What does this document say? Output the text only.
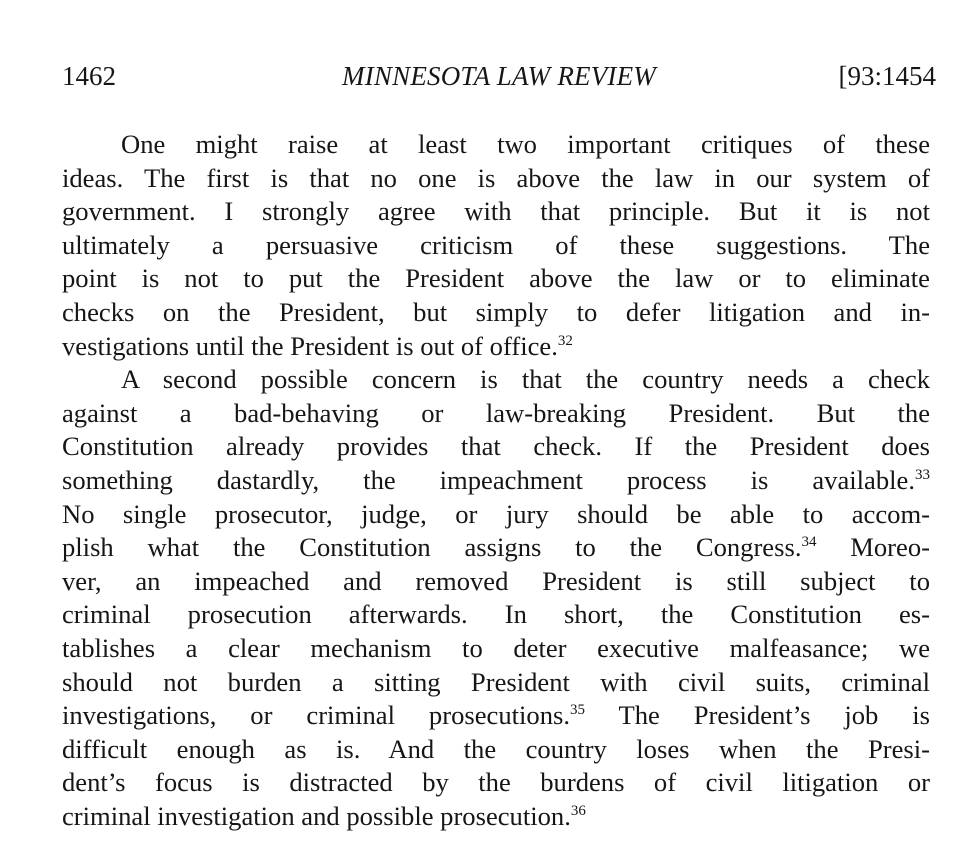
1462	MINNESOTA LAW REVIEW	[93:1454
One might raise at least two important critiques of these
ideas. The first is that no one is above the law in our system of
government. I strongly agree with that principle. But it is not
ultimately a persuasive criticism of these suggestions. The
point is not to put the President above the law or to eliminate
checks on the President, but simply to defer litigation and in-
vestigations until the President is out of office.$^{32}$
A second possible concern is that the country needs a check
against a bad-behaving or law-breaking President. But the
Constitution already provides that check. If the President does
something dastardly, the impeachment process is available.$^{33}$
No single prosecutor, judge, or jury should be able to accom-
plish what the Constitution assigns to the Congress.$^{34}$ Moreo-
ver, an impeached and removed President is still subject to
criminal prosecution afterwards. In short, the Constitution es-
tablishes a clear mechanism to deter executive malfeasance; we
should not burden a sitting President with civil suits, criminal
investigations, or criminal prosecutions.$^{35}$ The President’s job is
difficult enough as is. And the country loses when the Presi-
dent’s focus is distracted by the burdens of civil litigation or
criminal investigation and possible prosecution.$^{36}$
